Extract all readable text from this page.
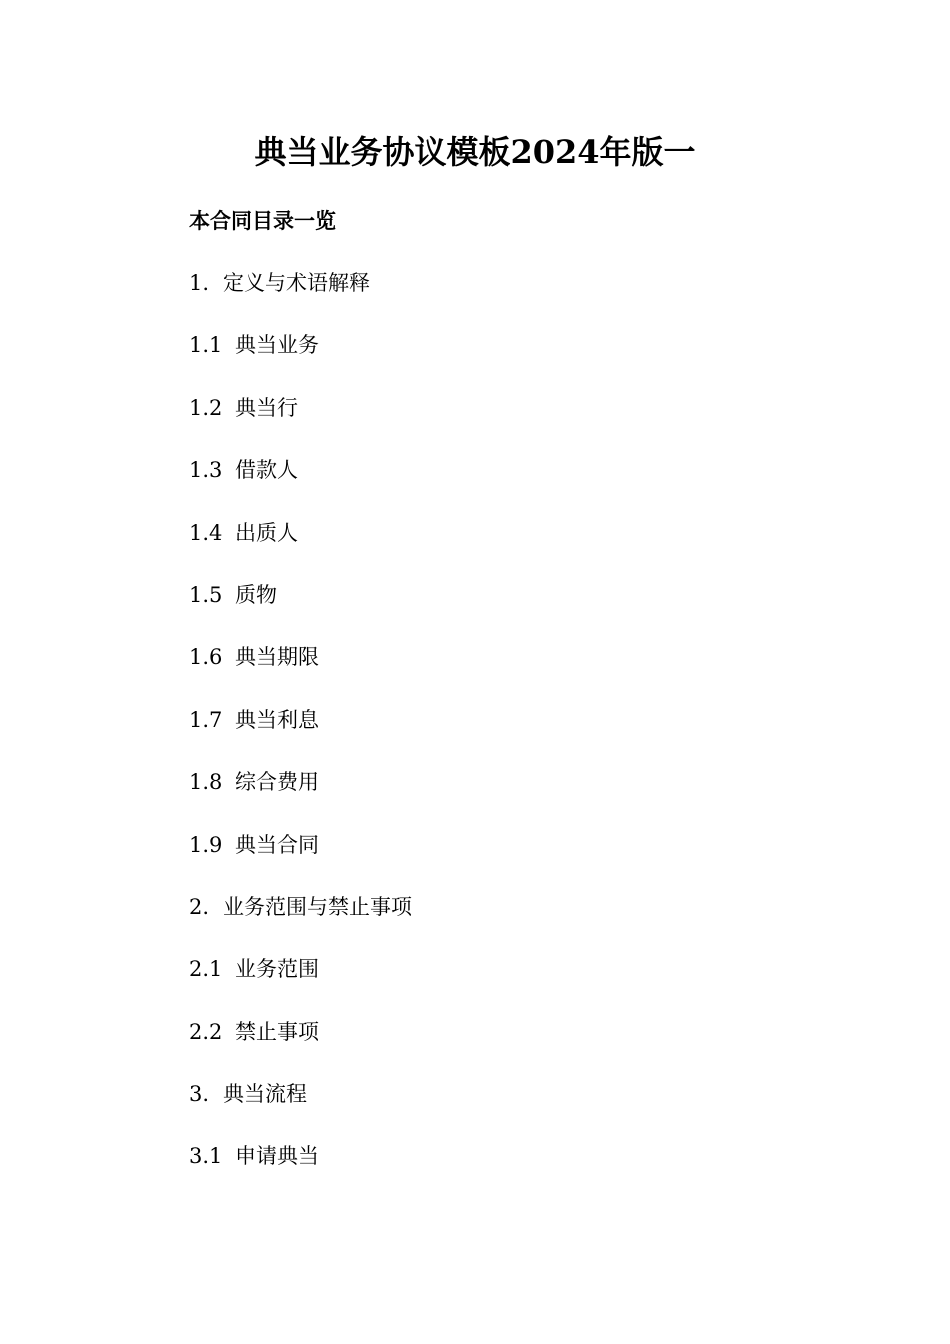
典当业务协议模板2024年版一
本合同目录一览
1. 定义与术语解释
1.1 典当业务
1.2 典当行
1.3 借款人
1.4 出质人
1.5 质物
1.6 典当期限
1.7 典当利息
1.8 综合费用
1.9 典当合同
2. 业务范围与禁止事项
2.1 业务范围
2.2 禁止事项
3. 典当流程
3.1 申请典当
